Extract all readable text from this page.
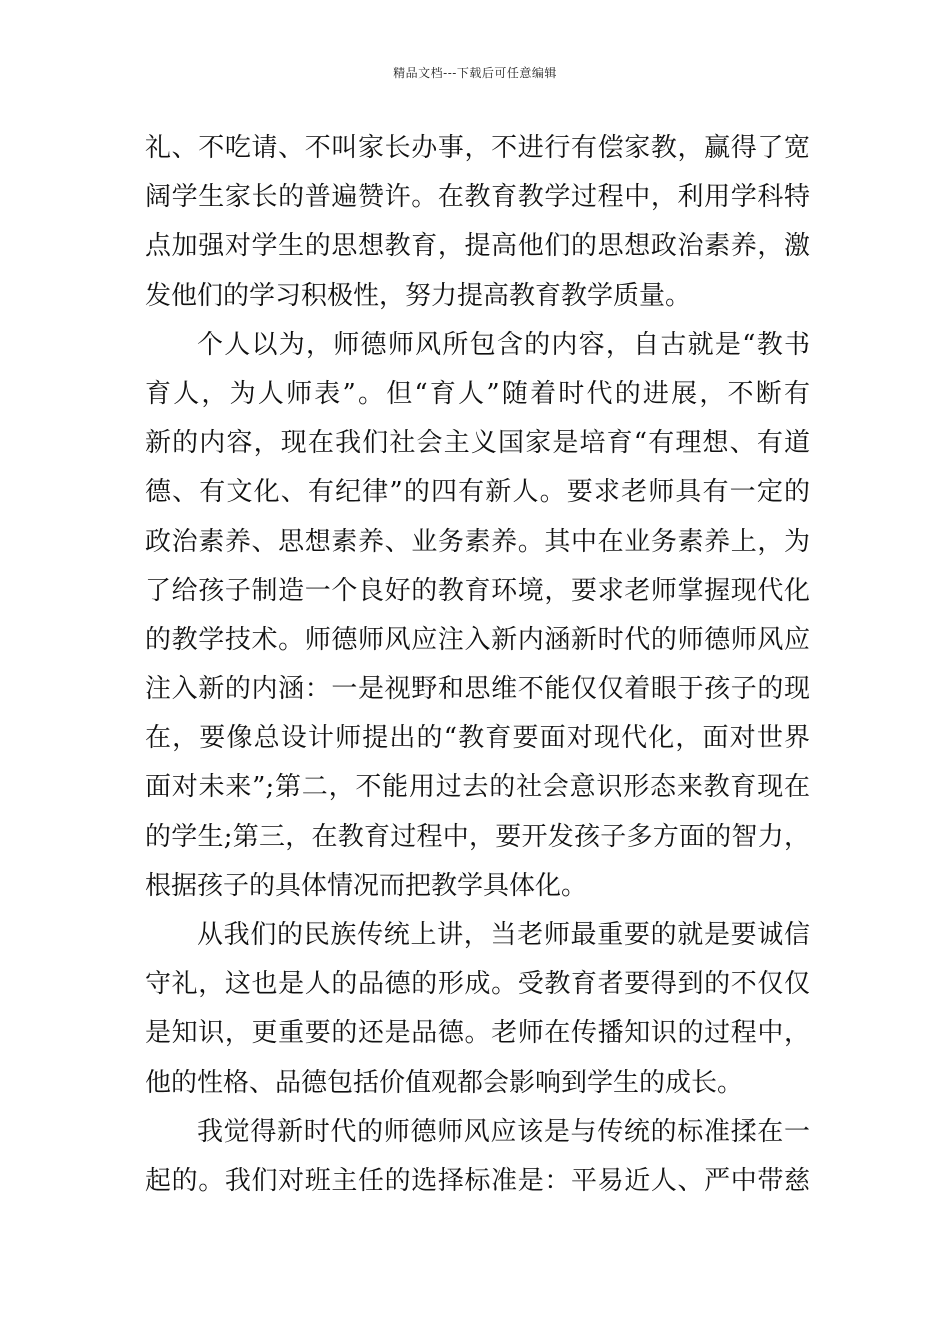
精品文档---下载后可任意编辑
礼、不吃请、不叫家长办事，不进行有偿家教，赢得了宽
阔学生家长的普遍赞许。在教育教学过程中，利用学科特
点加强对学生的思想教育，提高他们的思想政治素养，激
发他们的学习积极性，努力提高教育教学质量。
个人以为，师德师风所包含的内容，自古就是“教书
育人，为人师表”。但“育人”随着时代的进展，不断有
新的内容，现在我们社会主义国家是培育“有理想、有道
德、有文化、有纪律”的四有新人。要求老师具有一定的
政治素养、思想素养、业务素养。其中在业务素养上，为
了给孩子制造一个良好的教育环境，要求老师掌握现代化
的教学技术。师德师风应注入新内涵新时代的师德师风应
注入新的内涵：一是视野和思维不能仅仅着眼于孩子的现
在，要像总设计师提出的“教育要面对现代化，面对世界
面对未来”;第二，不能用过去的社会意识形态来教育现在
的学生;第三，在教育过程中，要开发孩子多方面的智力，
根据孩子的具体情况而把教学具体化。
从我们的民族传统上讲，当老师最重要的就是要诚信
守礼，这也是人的品德的形成。受教育者要得到的不仅仅
是知识，更重要的还是品德。老师在传播知识的过程中，
他的性格、品德包括价值观都会影响到学生的成长。
我觉得新时代的师德师风应该是与传统的标准揉在一
起的。我们对班主任的选择标准是：平易近人、严中带慈
